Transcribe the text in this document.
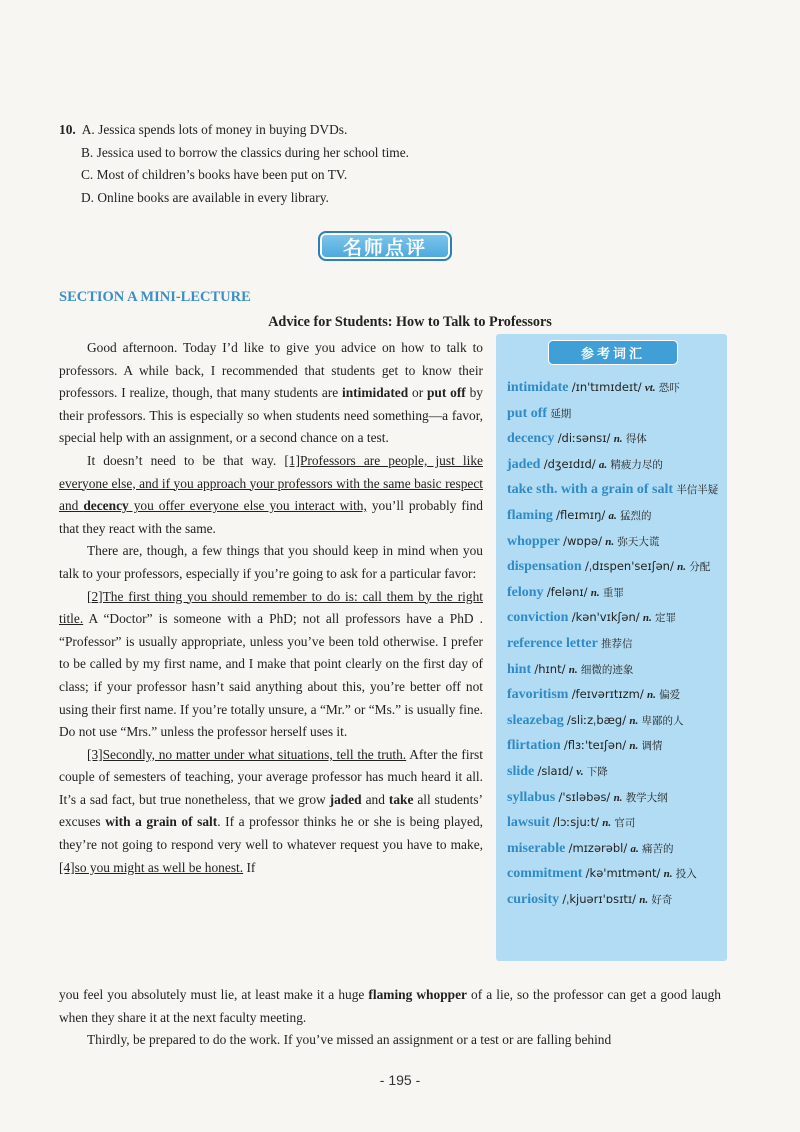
10. A. Jessica spends lots of money in buying DVDs.
B. Jessica used to borrow the classics during her school time.
C. Most of children’s books have been put on TV.
D. Online books are available in every library.
名师点评
SECTION A MINI-LECTURE
Advice for Students: How to Talk to Professors

Good afternoon. Today I’d like to give you advice on how to talk to professors. A while back, I recommended that students get to know their professors. I realize, though, that many students are intimidated or put off by their professors. This is especially so when students need something—a favor, special help with an assignment, or a second chance on a test.

It doesn’t need to be that way. [1]Professors are people, just like everyone else, and if you approach your professors with the same basic respect and decency you offer everyone else you interact with, you’ll probably find that they react with the same.

There are, though, a few things that you should keep in mind when you talk to your professors, especially if you’re going to ask for a particular favor:

[2]The first thing you should remember to do is: call them by the right title. A “Doctor” is someone with a PhD; not all professors have a PhD . “Professor” is usually appropriate, unless you’ve been told otherwise. I prefer to be called by my first name, and I make that point clearly on the first day of class; if your professor hasn’t said anything about this, you’re better off not using their first name. If you’re totally unsure, a “Mr.” or “Ms.” is usually fine. Do not use “Mrs.” unless the professor herself uses it.

[3]Secondly, no matter under what situations, tell the truth. After the first couple of semesters of teaching, your average professor has much heard it all. It’s a sad fact, but true nonetheless, that we grow jaded and take all students’ excuses with a grain of salt. If a professor thinks he or she is being played, they’re not going to respond very well to whatever request you have to make, [4]so you might as well be honest. If

you feel you absolutely must lie, at least make it a huge flaming whopper of a lie, so the professor can get a good laugh when they share it at the next faculty meeting.

Thirdly, be prepared to do the work. If you’ve missed an assignment or a test or are falling behind

参考词汇
intimidate /ɪn'tɪmɪdeɪt/ vt. 恐吓
put off 延期
decency /diːsənsɪ/ n. 得体
jaded /dʒeɪdɪd/ a. 精疲力尽的
take sth. with a grain of salt 半信半疑
flaming /fleɪmɪŋ/ a. 猛烈的
whopper /wɒpə/ n. 弥天大谎
dispensation /ˌdɪspen'seɪʃən/ n. 分配
felony /felənɪ/ n. 重罪
conviction /kən'vɪkʃən/ n. 定罪
reference letter 推荐信
hint /hɪnt/ n. 细微的迹象
favoritism /feɪvərɪtɪzm/ n. 偏爱
sleazebag /sliːzˌbæg/ n. 卑鄙的人
flirtation /flɜː'teɪʃən/ n. 调情
slide /slaɪd/ v. 下降
syllabus /'sɪləbəs/ n. 教学大纲
lawsuit /lɔːsjuːt/ n. 官司
miserable /mɪzərəbl/ a. 痛苦的
commitment /kə'mɪtmənt/ n. 投入
curiosity /ˌkjuərɪ'ɒsɪtɪ/ n. 好奇
- 195 -
